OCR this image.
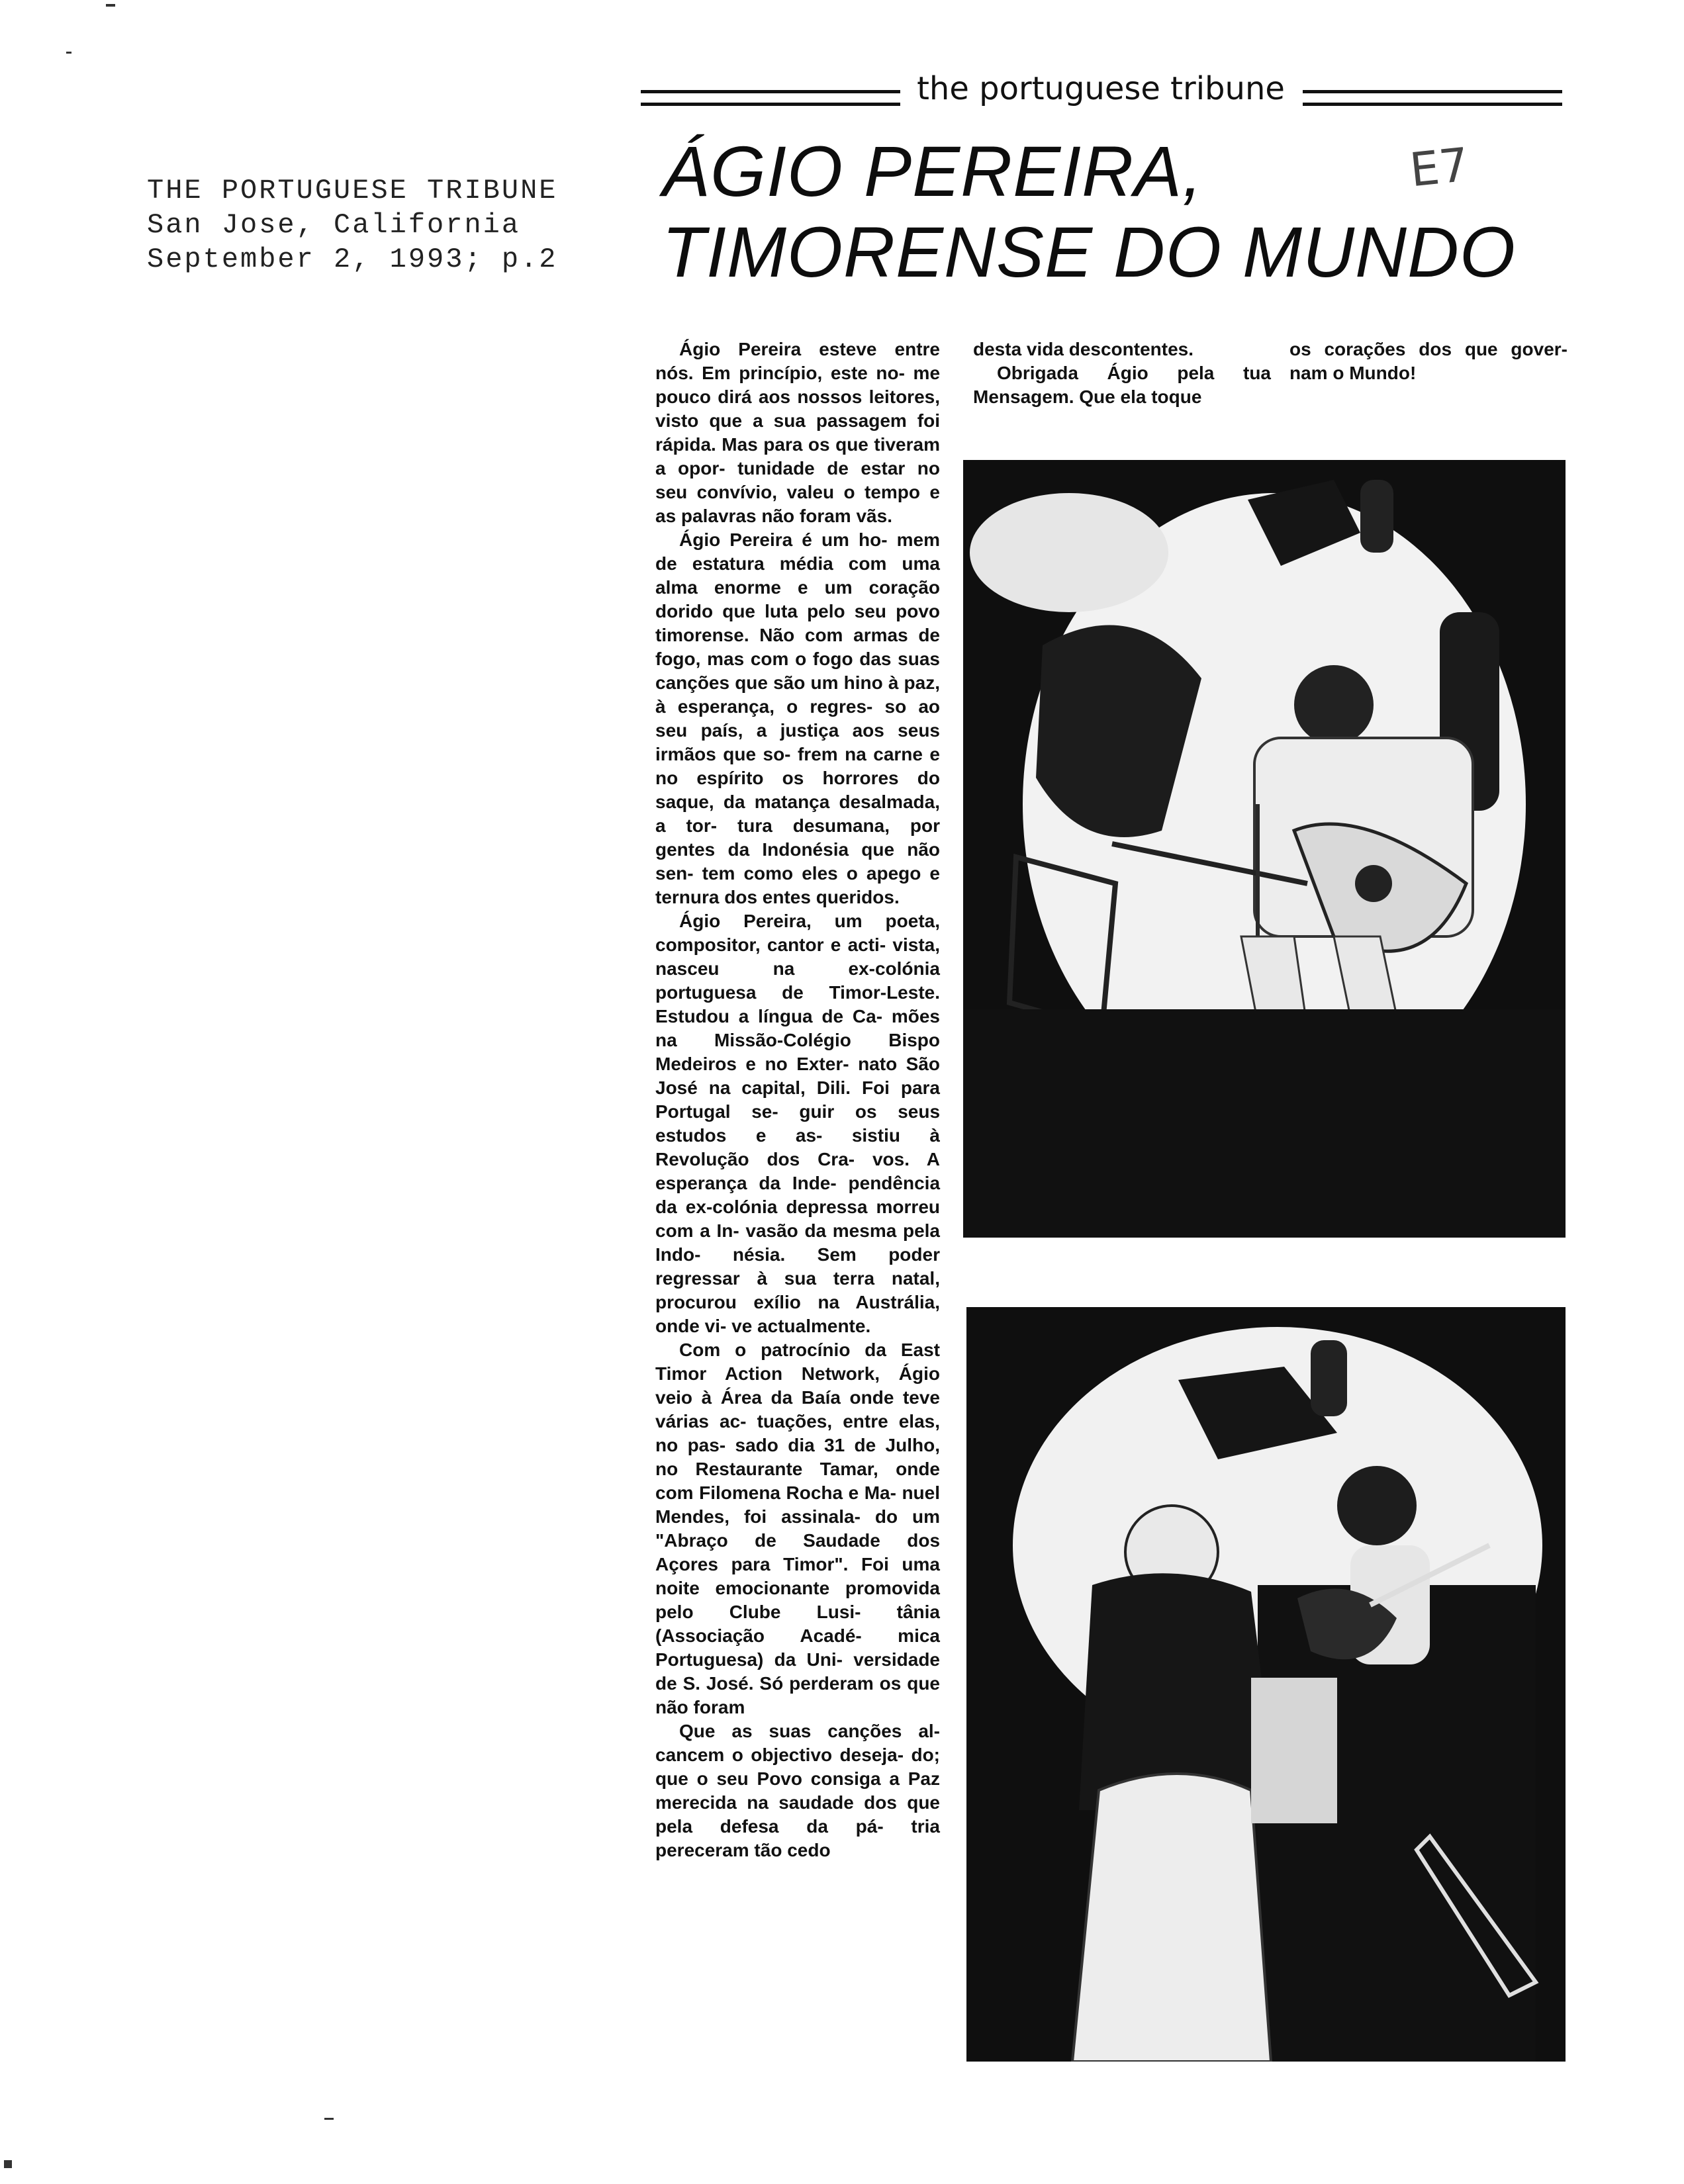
THE PORTUGUESE TRIBUNE
San Jose, California
September 2, 1993; p.2
the portuguese tribune
E7
ÁGIO PEREIRA,
TIMORENSE DO MUNDO

Ágio Pereira esteve entre nós. Em princípio, este no- me pouco dirá aos nossos leitores, visto que a sua passagem foi rápida. Mas para os que tiveram a opor- tunidade de estar no seu convívio, valeu o tempo e as palavras não foram vãs.

Ágio Pereira é um ho- mem de estatura média com uma alma enorme e um coração dorido que luta pelo seu povo timorense. Não com armas de fogo, mas com o fogo das suas canções que são um hino à paz, à esperança, o regres- so ao seu país, a justiça aos seus irmãos que so- frem na carne e no espírito os horrores do saque, da matança desalmada, a tor- tura desumana, por gentes da Indonésia que não sen- tem como eles o apego e ternura dos entes queridos.

Ágio Pereira, um poeta, compositor, cantor e acti- vista, nasceu na ex-colónia portuguesa de Timor-Leste. Estudou a língua de Ca- mões na Missão-Colégio Bispo Medeiros e no Exter- nato São José na capital, Dili. Foi para Portugal se- guir os seus estudos e as- sistiu à Revolução dos Cra- vos. A esperança da Inde- pendência da ex-colónia depressa morreu com a In- vasão da mesma pela Indo- nésia. Sem poder regressar à sua terra natal, procurou exílio na Austrália, onde vi- ve actualmente.

Com o patrocínio da East Timor Action Network, Ágio veio à Área da Baía onde teve várias ac- tuações, entre elas, no pas- sado dia 31 de Julho, no Restaurante Tamar, onde com Filomena Rocha e Ma- nuel Mendes, foi assinala- do um "Abraço de Saudade dos Açores para Timor". Foi uma noite emocionante promovida pelo Clube Lusi- tânia (Associação Acadé- mica Portuguesa) da Uni- versidade de S. José. Só perderam os que não foram

Que as suas canções al- cancem o objectivo deseja- do; que o seu Povo consiga a Paz merecida na saudade dos que pela defesa da pá- tria pereceram tão cedo

desta vida descontentes.

Obrigada Ágio pela tua Mensagem. Que ela toque

os corações dos que gover- nam o Mundo!
